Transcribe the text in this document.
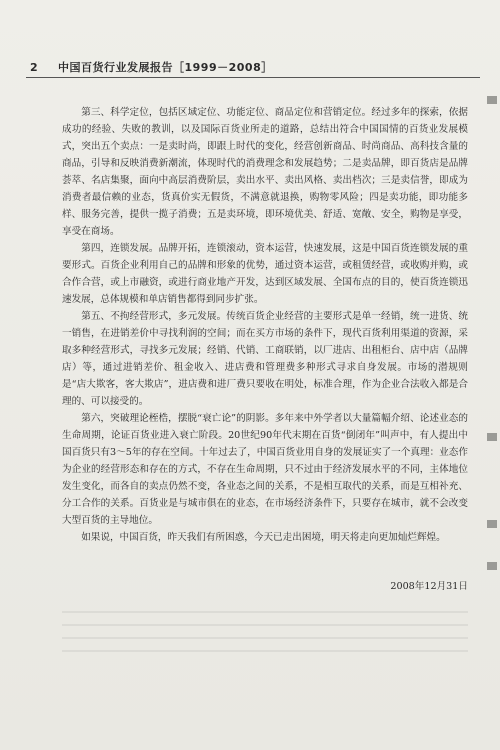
2	中国百货行业发展报告［1999－2008］

第三、科学定位，包括区域定位、功能定位、商品定位和营销定位。经过多年的探索，依据成功的经验、失败的教训，以及国际百货业所走的道路，总结出符合中国国情的百货业发展模式，突出五个卖点：一是卖时尚，即跟上时代的变化，经营创新商品、时尚商品、高科技含量的商品，引导和反映消费新潮流，体现时代的消费理念和发展趋势；二是卖品牌，即百货店是品牌荟萃、名店集聚，面向中高层消费阶层，卖出水平、卖出风格、卖出档次；三是卖信誉，即成为消费者最信赖的业态，货真价实无假货，不满意就退换，购物零风险；四是卖功能，即功能多样、服务完善，提供一揽子消费；五是卖环境，即环境优美、舒适、宽敞、安全，购物是享受，享受在商场。

第四，连锁发展。品牌开拓，连锁滚动，资本运营，快速发展，这是中国百货连锁发展的重要形式。百货企业利用自己的品牌和形象的优势，通过资本运营，或租赁经营，或收购并购，或合作合营，或上市融资，或进行商业地产开发，达到区域发展、全国布点的目的，使百货连锁迅速发展，总体规模和单店销售都得到同步扩张。

第五、不拘经营形式，多元发展。传统百货企业经营的主要形式是单一经销，统一进货、统一销售，在进销差价中寻找利润的空间；而在买方市场的条件下，现代百货利用渠道的资源，采取多种经营形式，寻找多元发展；经销、代销、工商联销，以厂进店、出租柜台、店中店（品牌店）等，通过进销差价、租金收入、进店费和管理费多种形式寻求自身发展。市场的潜规则是“店大欺客，客大欺店”，进店费和进厂费只要收在明处，标准合理，作为企业合法收入都是合理的、可以接受的。

第六，突破理论桎梏，摆脱“衰亡论”的阴影。多年来中外学者以大量篇幅介绍、论述业态的生命周期，论证百货业进入衰亡阶段。20世纪90年代末期在百货“倒闭年”叫声中，有人提出中国百货只有3～5年的存在空间。十年过去了，中国百货业用自身的发展证实了一个真理：业态作为企业的经营形态和存在的方式，不存在生命周期，只不过由于经济发展水平的不同，主体地位发生变化，而各自的卖点仍然不变，各业态之间的关系，不是相互取代的关系，而是互相补充、分工合作的关系。百货业是与城市俱在的业态，在市场经济条件下，只要存在城市，就不会改变大型百货的主导地位。

如果说，中国百货，昨天我们有所困惑，今天已走出困境，明天将走向更加灿烂辉煌。

2008年12月31日
